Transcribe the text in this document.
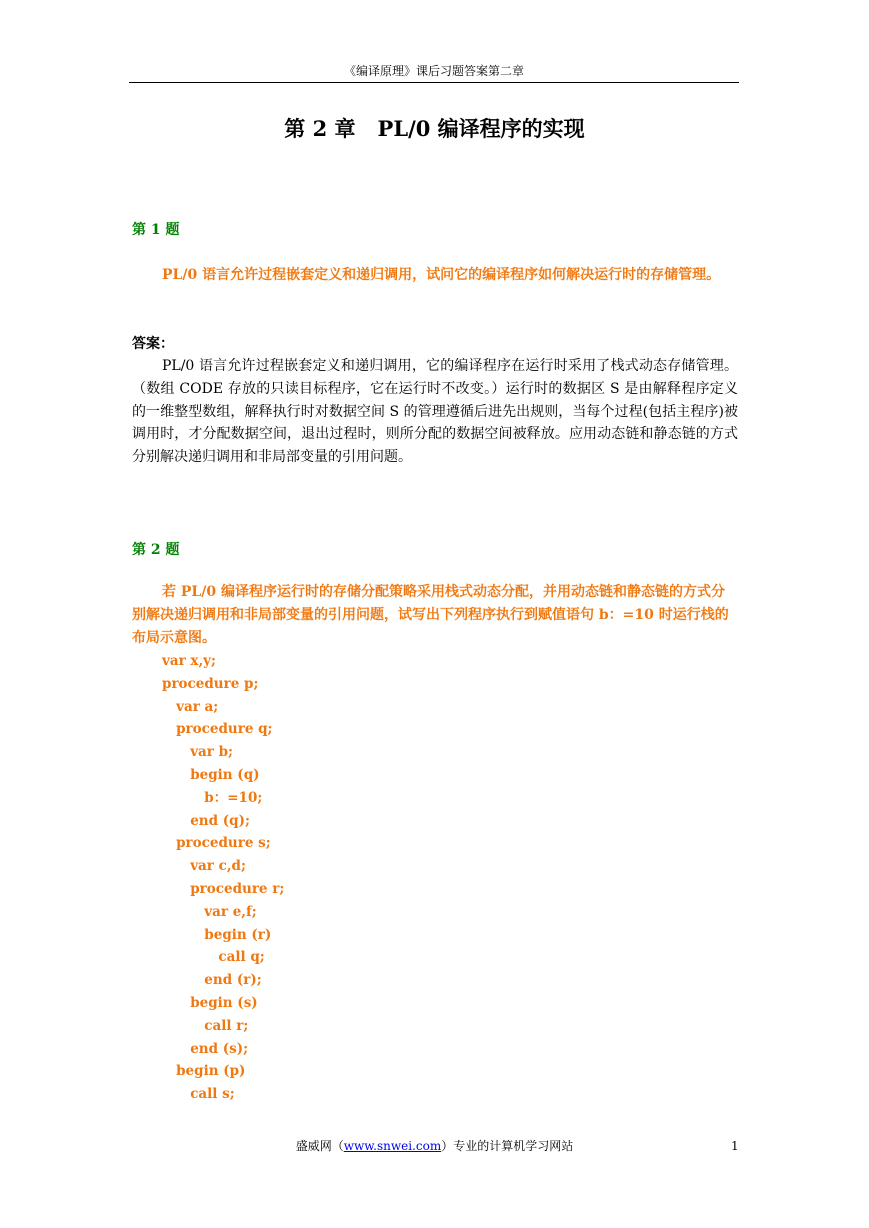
《编译原理》课后习题答案第二章
第 2 章 PL/0 编译程序的实现
第 1 题

PL/0 语言允许过程嵌套定义和递归调用，试问它的编译程序如何解决运行时的存储管理。

答案：

PL/0 语言允许过程嵌套定义和递归调用，它的编译程序在运行时采用了栈式动态存储管理。（数组 CODE 存放的只读目标程序，它在运行时不改变。）运行时的数据区 S 是由解释程序定义的一维整型数组，解释执行时对数据空间 S 的管理遵循后进先出规则，当每个过程(包括主程序)被调用时，才分配数据空间，退出过程时，则所分配的数据空间被释放。应用动态链和静态链的方式分别解决递归调用和非局部变量的引用问题。

第 2 题

若 PL/0 编译程序运行时的存储分配策略采用栈式动态分配，并用动态链和静态链的方式分别解决递归调用和非局部变量的引用问题，试写出下列程序执行到赋值语句 b：=10 时运行栈的布局示意图。

var x,y;
procedure p;
var a;
procedure q;
var b;
begin (q)
b：=10;
end (q);
procedure s;
var c,d;
procedure r;
var e,f;
begin (r)
call q;
end (r);
begin (s)
call r;
end (s);
begin (p)
call s;
盛威网（www.snwei.com）专业的计算机学习网站	1
